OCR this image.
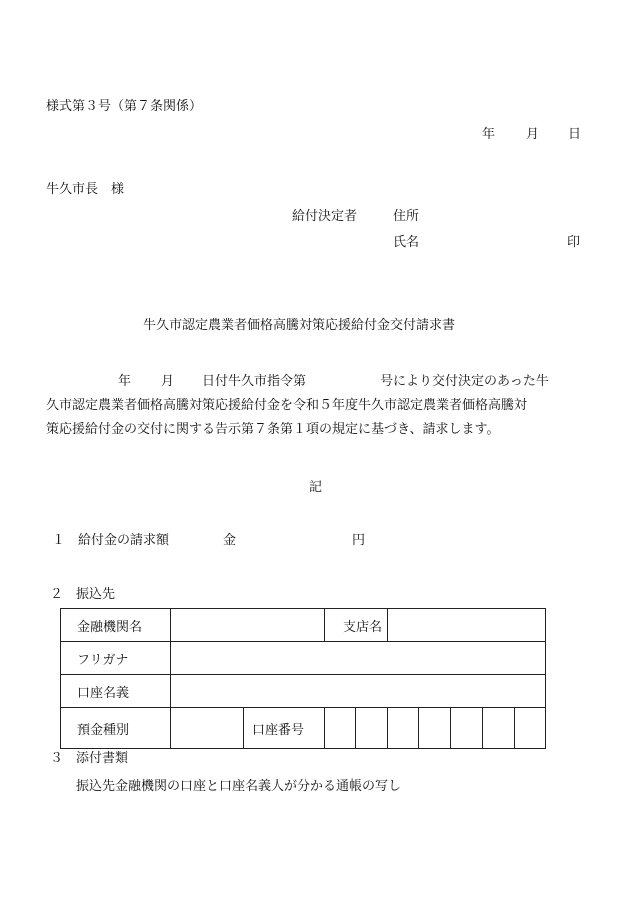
様式第３号（第７条関係）
年 月 日
牛久市長　様
給付決定者	住所
氏名	印
牛久市認定農業者価格高騰対策応援給付金交付請求書
年 月 日付牛久市指令第	号により交付決定のあった牛
久市認定農業者価格高騰対策応援給付金を令和５年度牛久市認定農業者価格高騰対
策応援給付金の交付に関する告示第７条第１項の規定に基づき、請求します。
記
１ 給付金の請求額	金	円
２ 振込先
金融機関名			支店名						
フリガナ									
口座名義									
預金種別		口座番号							
３ 添付書類
振込先金融機関の口座と口座名義人が分かる通帳の写し
